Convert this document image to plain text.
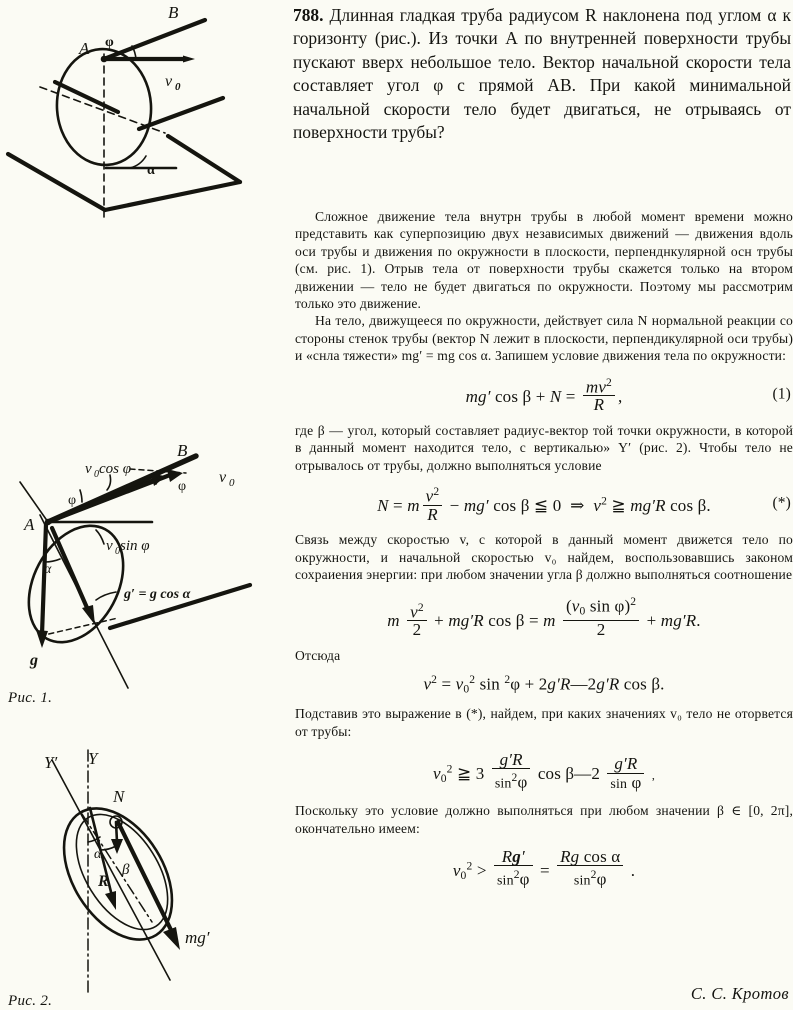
A
B
φ
v 0
α
A
B
v 0 cos φ
v 0 sin φ
v 0
φ
φ
α
g
g′ = g cos α
Рис. 1.
Y′ Y
N
α
β
R
mg′
Рис. 2.
788. Длинная гладкая труба радиусом R наклонена под углом α к горизонту (рис.). Из точки A по внутренней поверхности трубы пускают вверх небольшое тело. Вектор начальной скорости тела составляет угол φ с прямой AB. При какой минимальной начальной скорости тело будет двигаться, не отрываясь от поверхности трубы?

Сложное движение тела внутрн трубы в любой момент времени можно представить как суперпозицию двух независимых движений — движения вдоль оси трубы и движения по окружности в плоскости, перпенднкулярной осн трубы (см. рис. 1). Отрыв тела от поверхности трубы скажется только на втором движении — тело не будет двигаться по окружности. Поэтому мы рассмотрим только это движение.

На тело, движущееся по окружности, действует сила N нормальной реакции со стороны стенок трубы (вектор N лежит в плоскости, перпендикулярной оси трубы) и «снла тяжести» mg′ = mg cos α. Запишем условие движения тела по окружности:

mg′ $\cos \beta + N = \frac{mv^2}{R}$ ,	(1)

где β — угол, который составляет радиус-вектор той точки окружности, в которой в данный момент находится тело, с вертикалью» Y′ (рис. 2). Чтобы тело не отрывалось от трубы, должно выполняться условие

N = m $\frac{v^2}{R} - mg'$ cos β ≦ 0  ⇒  $v^2$ ≧ mg′R cos β.	(*)

Связь между скоростью v, с которой в данный момент движется тело по окружности, и начальной скоростью v₀ найдем, воспользовавшись законом сохраиения энергии: при любом значении угла β должно выполняться соотношение

m $\frac{v^2}{2} + mg'R$ cos β = m $\frac{(v_0 \sin \varphi)^2}{2} + mg'R$.

Отсюда

$v^2 = v_0^2$ sin $^2$φ + 2g′R—2g′R cos β.

Подставив это выражение в (*), найдем, при каких значениях v₀ тело не оторвется от трубы:

$v_0^2$ ≧ $3 \frac{g'R}{\sin^2\varphi}$ cos β—2 $\frac{g'R}{\text{sin φ}}$ ,

Поскольку это условие должно выполняться при любом значении β ∈ [0, 2π], окончательно имеем:

$v_0^2 > \frac{Rg'}{\sin^2\varphi} = \frac{\text{Rg cos α}}{\sin^2\varphi}$ .
С. С. Кротов
